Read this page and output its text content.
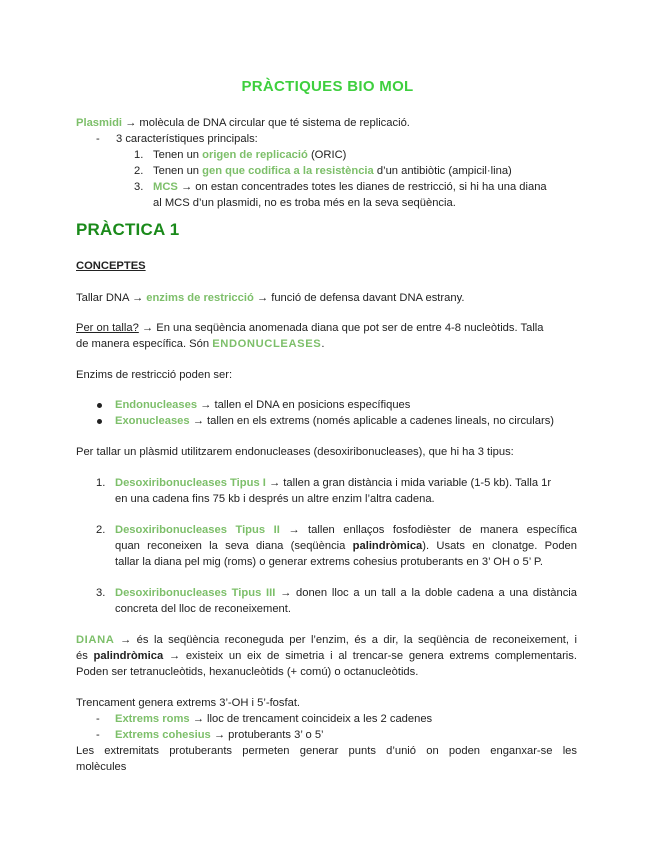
PRÀCTIQUES BIO MOL
Plasmidi → molècula de DNA circular que té sistema de replicació.
- 3 característiques principals:
1. Tenen un origen de replicació (ORIC)
2. Tenen un gen que codifica a la resistència d’un antibiòtic (ampicil·lina)
3. MCS → on estan concentrades totes les dianes de restricció, si hi ha una diana
al MCS d’un plasmidi, no es troba més en la seva seqüència.
PRÀCTICA 1
CONCEPTES
Tallar DNA → enzims de restricció → funció de defensa davant DNA estrany.
Per on talla? → En una seqüència anomenada diana que pot ser de entre 4-8 nucleòtids. Talla
de manera específica. Són ENDONUCLEASES.
Enzims de restricció poden ser:
Endonucleases → tallen el DNA en posicions específiques
Exonucleases → tallen en els extrems (només aplicable a cadenes lineals, no circulars)
Per tallar un plàsmid utilitzarem endonucleases (desoxiribonucleases), que hi ha 3 tipus:
1. Desoxiribonucleases Tipus I → tallen a gran distància i mida variable (1-5 kb). Talla 1r
en una cadena fins 75 kb i després un altre enzim l’altra cadena.
2. Desoxiribonucleases Tipus II → tallen enllaços fosfodièster de manera específica
quan reconeixen la seva diana (seqüència palindròmica). Usats en clonatge. Poden
tallar la diana pel mig (roms) o generar extrems cohesius protuberants en 3’ OH o 5’ P.
3. Desoxiribonucleases Tipus III → donen lloc a un tall a la doble cadena a una distància
concreta del lloc de reconeixement.
DIANA → és la seqüència reconeguda per l’enzim, és a dir, la seqüència de reconeixement, i
és palindròmica → existeix un eix de simetria i al trencar-se genera extrems complementaris.
Poden ser tetranucleòtids, hexanucleòtids (+ comú) o octanucleòtids.
Trencament genera extrems 3’-OH i 5’-fosfat.
- Extrems roms → lloc de trencament coincideix a les 2 cadenes
- Extrems cohesius → protuberants 3’ o 5’
Les extremitats protuberants permeten generar punts d’unió on poden enganxar-se les
molècules
